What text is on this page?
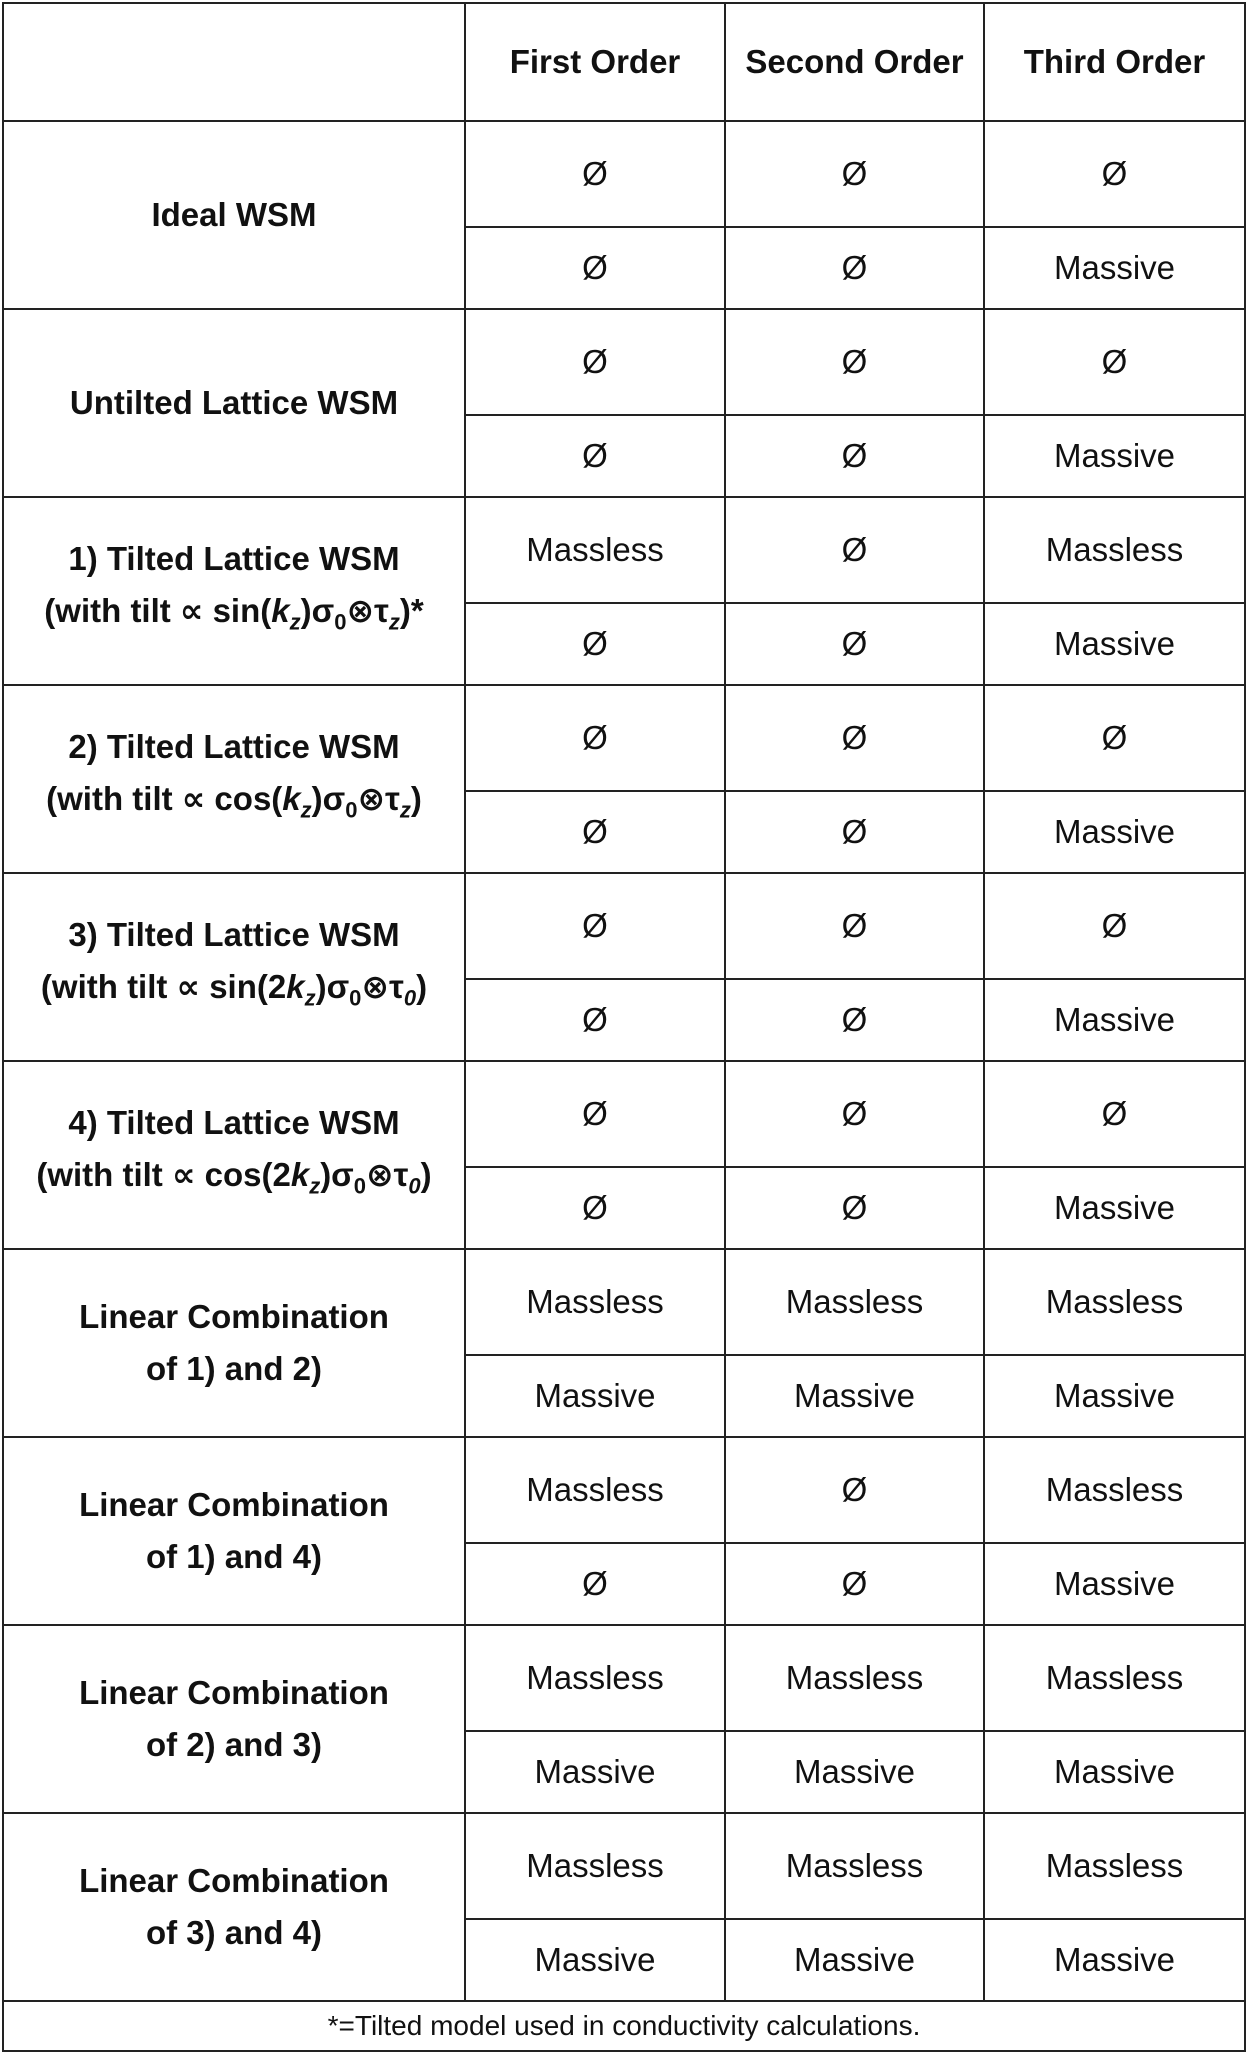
	First Order	Second Order	Third Order

Ideal WSM	Ø	Ø	Ø
	Ø	Ø	Massive

Untilted Lattice WSM	Ø	Ø	Ø
	Ø	Ø	Massive

1) Tilted Lattice WSM
(with tilt ∝ $\sin(k_z)\sigma_0\otimes\tau_z)*$	Massless	Ø	Massless
	Ø	Ø	Massive

2) Tilted Lattice WSM
(with tilt ∝ $\cos(k_z)\sigma_0\otimes\tau_z$)	Ø	Ø	Ø
	Ø	Ø	Massive

3) Tilted Lattice WSM
(with tilt ∝ $\sin(2k_z)\sigma_0\otimes\tau_0$)	Ø	Ø	Ø
	Ø	Ø	Massive

4) Tilted Lattice WSM
(with tilt ∝ $\cos(2k_z)\sigma_0\otimes\tau_0$)	Ø	Ø	Ø
	Ø	Ø	Massive

Linear Combination
of 1) and 2)	Massless	Massless	Massless
	Massive	Massive	Massive

Linear Combination
of 1) and 4)	Massless	Ø	Massless
	Ø	Ø	Massive

Linear Combination
of 2) and 3)	Massless	Massless	Massless
	Massive	Massive	Massive

Linear Combination
of 3) and 4)	Massless	Massless	Massless
	Massive	Massive	Massive
*=Tilted model used in conductivity calculations.			
